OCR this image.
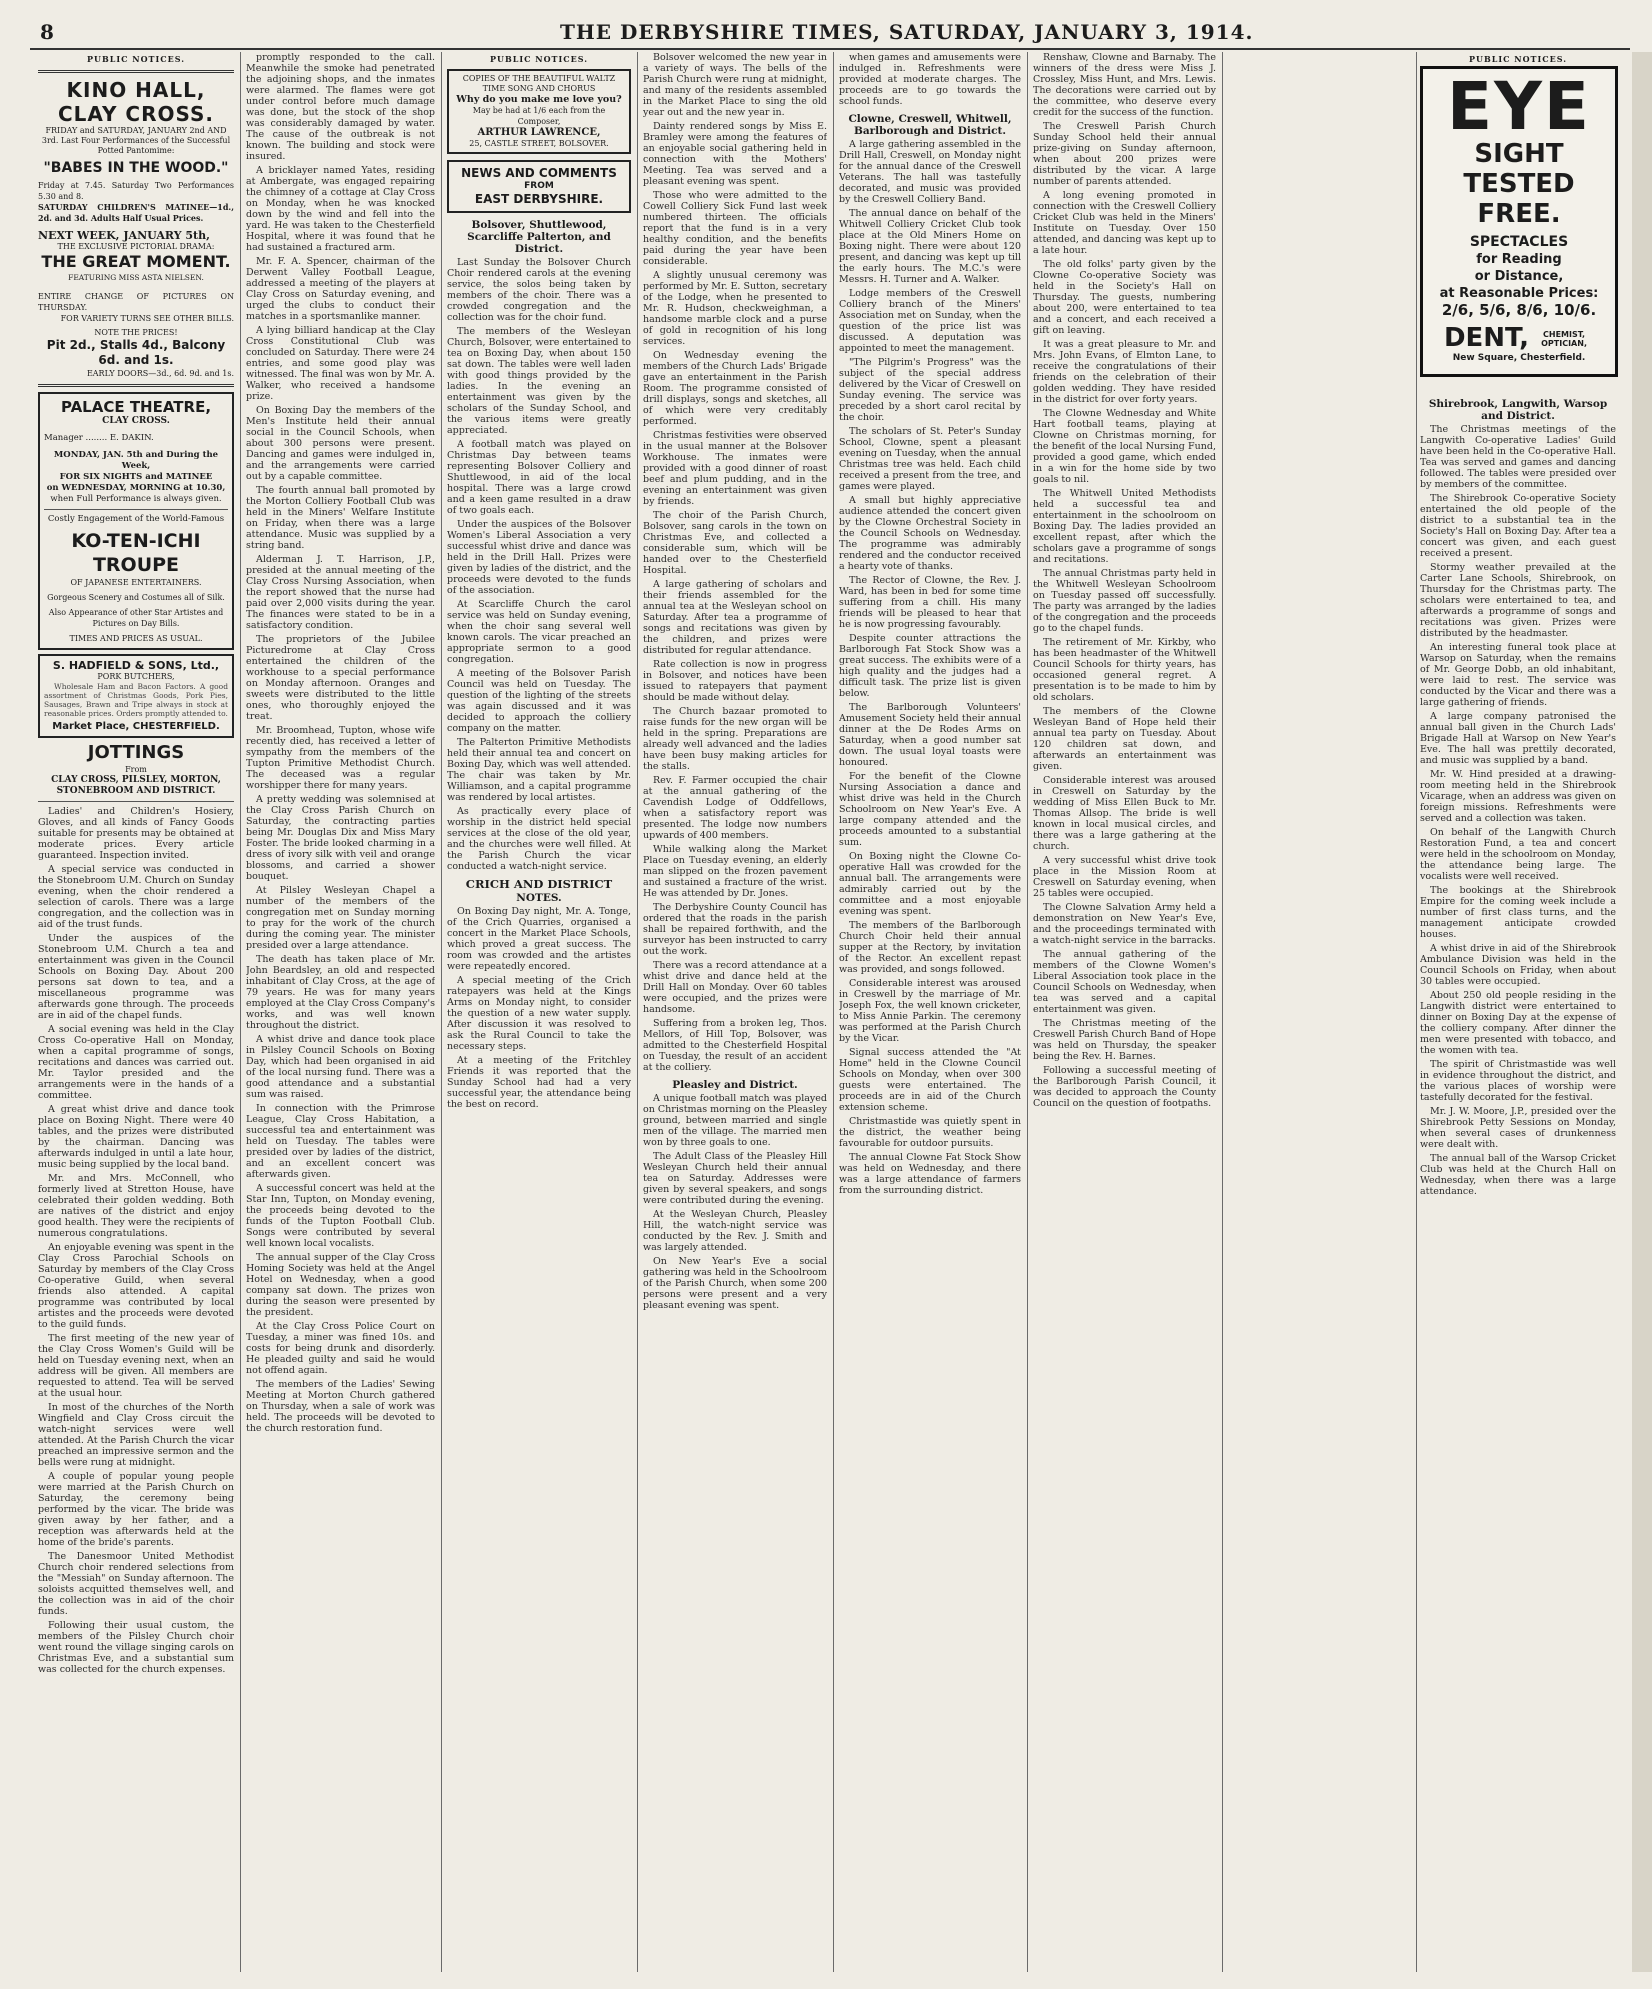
8	THE DERBYSHIRE TIMES, SATURDAY, JANUARY 3, 1914.
PUBLIC NOTICES.
KINO HALL, CLAY CROSS.
FRIDAY and SATURDAY, JANUARY 2nd AND 3rd. Last Four Performances of the Successful Potted Pantomime:
"BABES IN THE WOOD."
Friday at 7.45. Saturday Two Performances 5.30 and 8.
SATURDAY CHILDREN'S MATINEE—1d., 2d. and 3d. Adults Half Usual Prices.
NEXT WEEK, JANUARY 5th,
THE EXCLUSIVE PICTORIAL DRAMA:
THE GREAT MOMENT.
FEATURING MISS ASTA NIELSEN.
ENTIRE CHANGE OF PICTURES ON THURSDAY.
FOR VARIETY TURNS SEE OTHER BILLS.
NOTE THE PRICES!
Pit 2d., Stalls 4d., Balcony 6d. and 1s.
EARLY DOORS—3d., 6d. 9d. and 1s.
PALACE THEATRE,
CLAY CROSS.
Manager ........ E. DAKIN.
MONDAY, JAN. 5th and During the Week,
FOR SIX NIGHTS and MATINEE
on WEDNESDAY, MORNING at 10.30,
when Full Performance is always given.
Costly Engagement of the World-Famous
KO-TEN-ICHI
TROUPE
OF JAPANESE ENTERTAINERS.
Gorgeous Scenery and Costumes all of Silk.
Also Appearance of other Star Artistes and Pictures on Day Bills.
TIMES AND PRICES AS USUAL.
S. HADFIELD & SONS, Ltd.,
PORK BUTCHERS,
Wholesale Ham and Bacon Factors. A good assortment of Christmas Goods, Pork Pies, Sausages, Brawn and Tripe always in stock at reasonable prices. Orders promptly attended to.
Market Place, CHESTERFIELD.
JOTTINGS
From
CLAY CROSS, PILSLEY, MORTON, STONEBROOM AND DISTRICT.

Ladies' and Children's Hosiery, Gloves, and all kinds of Fancy Goods suitable for presents may be obtained at moderate prices. Every article guaranteed. Inspection invited.

A special service was conducted in the Stonebroom U.M. Church on Sunday evening, when the choir rendered a selection of carols. There was a large congregation, and the collection was in aid of the trust funds.

Under the auspices of the Stonebroom U.M. Church a tea and entertainment was given in the Council Schools on Boxing Day. About 200 persons sat down to tea, and a miscellaneous programme was afterwards gone through. The proceeds are in aid of the chapel funds.

A social evening was held in the Clay Cross Co-operative Hall on Monday, when a capital programme of songs, recitations and dances was carried out. Mr. Taylor presided and the arrangements were in the hands of a committee.

A great whist drive and dance took place on Boxing Night. There were 40 tables, and the prizes were distributed by the chairman. Dancing was afterwards indulged in until a late hour, music being supplied by the local band.

Mr. and Mrs. McConnell, who formerly lived at Stretton House, have celebrated their golden wedding. Both are natives of the district and enjoy good health. They were the recipients of numerous congratulations.

An enjoyable evening was spent in the Clay Cross Parochial Schools on Saturday by members of the Clay Cross Co-operative Guild, when several friends also attended. A capital programme was contributed by local artistes and the proceeds were devoted to the guild funds.

The first meeting of the new year of the Clay Cross Women's Guild will be held on Tuesday evening next, when an address will be given. All members are requested to attend. Tea will be served at the usual hour.

In most of the churches of the North Wingfield and Clay Cross circuit the watch-night services were well attended. At the Parish Church the vicar preached an impressive sermon and the bells were rung at midnight.

A couple of popular young people were married at the Parish Church on Saturday, the ceremony being performed by the vicar. The bride was given away by her father, and a reception was afterwards held at the home of the bride's parents.

The Danesmoor United Methodist Church choir rendered selections from the "Messiah" on Sunday afternoon. The soloists acquitted themselves well, and the collection was in aid of the choir funds.

Following their usual custom, the members of the Pilsley Church choir went round the village singing carols on Christmas Eve, and a substantial sum was collected for the church expenses.

promptly responded to the call. Meanwhile the smoke had penetrated the adjoining shops, and the inmates were alarmed. The flames were got under control before much damage was done, but the stock of the shop was considerably damaged by water. The cause of the outbreak is not known. The building and stock were insured.

A bricklayer named Yates, residing at Ambergate, was engaged repairing the chimney of a cottage at Clay Cross on Monday, when he was knocked down by the wind and fell into the yard. He was taken to the Chesterfield Hospital, where it was found that he had sustained a fractured arm.

Mr. F. A. Spencer, chairman of the Derwent Valley Football League, addressed a meeting of the players at Clay Cross on Saturday evening, and urged the clubs to conduct their matches in a sportsmanlike manner.

A lying billiard handicap at the Clay Cross Constitutional Club was concluded on Saturday. There were 24 entries, and some good play was witnessed. The final was won by Mr. A. Walker, who received a handsome prize.

On Boxing Day the members of the Men's Institute held their annual social in the Council Schools, when about 300 persons were present. Dancing and games were indulged in, and the arrangements were carried out by a capable committee.

The fourth annual ball promoted by the Morton Colliery Football Club was held in the Miners' Welfare Institute on Friday, when there was a large attendance. Music was supplied by a string band.

Alderman J. T. Harrison, J.P., presided at the annual meeting of the Clay Cross Nursing Association, when the report showed that the nurse had paid over 2,000 visits during the year. The finances were stated to be in a satisfactory condition.

The proprietors of the Jubilee Picturedrome at Clay Cross entertained the children of the workhouse to a special performance on Monday afternoon. Oranges and sweets were distributed to the little ones, who thoroughly enjoyed the treat.

Mr. Broomhead, Tupton, whose wife recently died, has received a letter of sympathy from the members of the Tupton Primitive Methodist Church. The deceased was a regular worshipper there for many years.

A pretty wedding was solemnised at the Clay Cross Parish Church on Saturday, the contracting parties being Mr. Douglas Dix and Miss Mary Foster. The bride looked charming in a dress of ivory silk with veil and orange blossoms, and carried a shower bouquet.

At Pilsley Wesleyan Chapel a number of the members of the congregation met on Sunday morning to pray for the work of the church during the coming year. The minister presided over a large attendance.

The death has taken place of Mr. John Beardsley, an old and respected inhabitant of Clay Cross, at the age of 79 years. He was for many years employed at the Clay Cross Company's works, and was well known throughout the district.

A whist drive and dance took place in Pilsley Council Schools on Boxing Day, which had been organised in aid of the local nursing fund. There was a good attendance and a substantial sum was raised.

In connection with the Primrose League, Clay Cross Habitation, a successful tea and entertainment was held on Tuesday. The tables were presided over by ladies of the district, and an excellent concert was afterwards given.

A successful concert was held at the Star Inn, Tupton, on Monday evening, the proceeds being devoted to the funds of the Tupton Football Club. Songs were contributed by several well known local vocalists.

The annual supper of the Clay Cross Homing Society was held at the Angel Hotel on Wednesday, when a good company sat down. The prizes won during the season were presented by the president.

At the Clay Cross Police Court on Tuesday, a miner was fined 10s. and costs for being drunk and disorderly. He pleaded guilty and said he would not offend again.

The members of the Ladies' Sewing Meeting at Morton Church gathered on Thursday, when a sale of work was held. The proceeds will be devoted to the church restoration fund.

PUBLIC NOTICES.
COPIES OF THE BEAUTIFUL WALTZ TIME SONG AND CHORUS
Why do you make me love you?
May be had at 1/6 each from the Composer,
ARTHUR LAWRENCE,
25, CASTLE STREET, BOLSOVER.
NEWS AND COMMENTS
FROM
EAST DERBYSHIRE.
Bolsover, Shuttlewood, Scarcliffe Palterton, and District.

Last Sunday the Bolsover Church Choir rendered carols at the evening service, the solos being taken by members of the choir. There was a crowded congregation and the collection was for the choir fund.

The members of the Wesleyan Church, Bolsover, were entertained to tea on Boxing Day, when about 150 sat down. The tables were well laden with good things provided by the ladies. In the evening an entertainment was given by the scholars of the Sunday School, and the various items were greatly appreciated.

A football match was played on Christmas Day between teams representing Bolsover Colliery and Shuttlewood, in aid of the local hospital. There was a large crowd and a keen game resulted in a draw of two goals each.

Under the auspices of the Bolsover Women's Liberal Association a very successful whist drive and dance was held in the Drill Hall. Prizes were given by ladies of the district, and the proceeds were devoted to the funds of the association.

At Scarcliffe Church the carol service was held on Sunday evening, when the choir sang several well known carols. The vicar preached an appropriate sermon to a good congregation.

A meeting of the Bolsover Parish Council was held on Tuesday. The question of the lighting of the streets was again discussed and it was decided to approach the colliery company on the matter.

The Palterton Primitive Methodists held their annual tea and concert on Boxing Day, which was well attended. The chair was taken by Mr. Williamson, and a capital programme was rendered by local artistes.

As practically every place of worship in the district held special services at the close of the old year, and the churches were well filled. At the Parish Church the vicar conducted a watch-night service.

CRICH AND DISTRICT
NOTES.

On Boxing Day night, Mr. A. Tonge, of the Crich Quarries, organised a concert in the Market Place Schools, which proved a great success. The room was crowded and the artistes were repeatedly encored.

A special meeting of the Crich ratepayers was held at the Kings Arms on Monday night, to consider the question of a new water supply. After discussion it was resolved to ask the Rural Council to take the necessary steps.

At a meeting of the Fritchley Friends it was reported that the Sunday School had had a very successful year, the attendance being the best on record.

Bolsover welcomed the new year in a variety of ways. The bells of the Parish Church were rung at midnight, and many of the residents assembled in the Market Place to sing the old year out and the new year in.

Dainty rendered songs by Miss E. Bramley were among the features of an enjoyable social gathering held in connection with the Mothers' Meeting. Tea was served and a pleasant evening was spent.

Those who were admitted to the Cowell Colliery Sick Fund last week numbered thirteen. The officials report that the fund is in a very healthy condition, and the benefits paid during the year have been considerable.

A slightly unusual ceremony was performed by Mr. E. Sutton, secretary of the Lodge, when he presented to Mr. R. Hudson, checkweighman, a handsome marble clock and a purse of gold in recognition of his long services.

On Wednesday evening the members of the Church Lads' Brigade gave an entertainment in the Parish Room. The programme consisted of drill displays, songs and sketches, all of which were very creditably performed.

Christmas festivities were observed in the usual manner at the Bolsover Workhouse. The inmates were provided with a good dinner of roast beef and plum pudding, and in the evening an entertainment was given by friends.

The choir of the Parish Church, Bolsover, sang carols in the town on Christmas Eve, and collected a considerable sum, which will be handed over to the Chesterfield Hospital.

A large gathering of scholars and their friends assembled for the annual tea at the Wesleyan school on Saturday. After tea a programme of songs and recitations was given by the children, and prizes were distributed for regular attendance.

Rate collection is now in progress in Bolsover, and notices have been issued to ratepayers that payment should be made without delay.

The Church bazaar promoted to raise funds for the new organ will be held in the spring. Preparations are already well advanced and the ladies have been busy making articles for the stalls.

Rev. F. Farmer occupied the chair at the annual gathering of the Cavendish Lodge of Oddfellows, when a satisfactory report was presented. The lodge now numbers upwards of 400 members.

While walking along the Market Place on Tuesday evening, an elderly man slipped on the frozen pavement and sustained a fracture of the wrist. He was attended by Dr. Jones.

The Derbyshire County Council has ordered that the roads in the parish shall be repaired forthwith, and the surveyor has been instructed to carry out the work.

There was a record attendance at a whist drive and dance held at the Drill Hall on Monday. Over 60 tables were occupied, and the prizes were handsome.

Suffering from a broken leg, Thos. Mellors, of Hill Top, Bolsover, was admitted to the Chesterfield Hospital on Tuesday, the result of an accident at the colliery.

Pleasley and District.

A unique football match was played on Christmas morning on the Pleasley ground, between married and single men of the village. The married men won by three goals to one.

The Adult Class of the Pleasley Hill Wesleyan Church held their annual tea on Saturday. Addresses were given by several speakers, and songs were contributed during the evening.

At the Wesleyan Church, Pleasley Hill, the watch-night service was conducted by the Rev. J. Smith and was largely attended.

On New Year's Eve a social gathering was held in the Schoolroom of the Parish Church, when some 200 persons were present and a very pleasant evening was spent.

when games and amusements were indulged in. Refreshments were provided at moderate charges. The proceeds are to go towards the school funds.

Clowne, Creswell, Whitwell, Barlborough and District.

A large gathering assembled in the Drill Hall, Creswell, on Monday night for the annual dance of the Creswell Veterans. The hall was tastefully decorated, and music was provided by the Creswell Colliery Band.

The annual dance on behalf of the Whitwell Colliery Cricket Club took place at the Old Miners Home on Boxing night. There were about 120 present, and dancing was kept up till the early hours. The M.C.'s were Messrs. H. Turner and A. Walker.

Lodge members of the Creswell Colliery branch of the Miners' Association met on Sunday, when the question of the price list was discussed. A deputation was appointed to meet the management.

"The Pilgrim's Progress" was the subject of the special address delivered by the Vicar of Creswell on Sunday evening. The service was preceded by a short carol recital by the choir.

The scholars of St. Peter's Sunday School, Clowne, spent a pleasant evening on Tuesday, when the annual Christmas tree was held. Each child received a present from the tree, and games were played.

A small but highly appreciative audience attended the concert given by the Clowne Orchestral Society in the Council Schools on Wednesday. The programme was admirably rendered and the conductor received a hearty vote of thanks.

The Rector of Clowne, the Rev. J. Ward, has been in bed for some time suffering from a chill. His many friends will be pleased to hear that he is now progressing favourably.

Despite counter attractions the Barlborough Fat Stock Show was a great success. The exhibits were of a high quality and the judges had a difficult task. The prize list is given below.

The Barlborough Volunteers' Amusement Society held their annual dinner at the De Rodes Arms on Saturday, when a good number sat down. The usual loyal toasts were honoured.

For the benefit of the Clowne Nursing Association a dance and whist drive was held in the Church Schoolroom on New Year's Eve. A large company attended and the proceeds amounted to a substantial sum.

On Boxing night the Clowne Co-operative Hall was crowded for the annual ball. The arrangements were admirably carried out by the committee and a most enjoyable evening was spent.

The members of the Barlborough Church Choir held their annual supper at the Rectory, by invitation of the Rector. An excellent repast was provided, and songs followed.

Considerable interest was aroused in Creswell by the marriage of Mr. Joseph Fox, the well known cricketer, to Miss Annie Parkin. The ceremony was performed at the Parish Church by the Vicar.

Signal success attended the "At Home" held in the Clowne Council Schools on Monday, when over 300 guests were entertained. The proceeds are in aid of the Church extension scheme.

Christmastide was quietly spent in the district, the weather being favourable for outdoor pursuits.

The annual Clowne Fat Stock Show was held on Wednesday, and there was a large attendance of farmers from the surrounding district.

Renshaw, Clowne and Barnaby. The winners of the dress were Miss J. Crossley, Miss Hunt, and Mrs. Lewis. The decorations were carried out by the committee, who deserve every credit for the success of the function.

The Creswell Parish Church Sunday School held their annual prize-giving on Sunday afternoon, when about 200 prizes were distributed by the vicar. A large number of parents attended.

A long evening promoted in connection with the Creswell Colliery Cricket Club was held in the Miners' Institute on Tuesday. Over 150 attended, and dancing was kept up to a late hour.

The old folks' party given by the Clowne Co-operative Society was held in the Society's Hall on Thursday. The guests, numbering about 200, were entertained to tea and a concert, and each received a gift on leaving.

It was a great pleasure to Mr. and Mrs. John Evans, of Elmton Lane, to receive the congratulations of their friends on the celebration of their golden wedding. They have resided in the district for over forty years.

The Clowne Wednesday and White Hart football teams, playing at Clowne on Christmas morning, for the benefit of the local Nursing Fund, provided a good game, which ended in a win for the home side by two goals to nil.

The Whitwell United Methodists held a successful tea and entertainment in the schoolroom on Boxing Day. The ladies provided an excellent repast, after which the scholars gave a programme of songs and recitations.

The annual Christmas party held in the Whitwell Wesleyan Schoolroom on Tuesday passed off successfully. The party was arranged by the ladies of the congregation and the proceeds go to the chapel funds.

The retirement of Mr. Kirkby, who has been headmaster of the Whitwell Council Schools for thirty years, has occasioned general regret. A presentation is to be made to him by old scholars.

The members of the Clowne Wesleyan Band of Hope held their annual tea party on Tuesday. About 120 children sat down, and afterwards an entertainment was given.

Considerable interest was aroused in Creswell on Saturday by the wedding of Miss Ellen Buck to Mr. Thomas Allsop. The bride is well known in local musical circles, and there was a large gathering at the church.

A very successful whist drive took place in the Mission Room at Creswell on Saturday evening, when 25 tables were occupied.

The Clowne Salvation Army held a demonstration on New Year's Eve, and the proceedings terminated with a watch-night service in the barracks.

The annual gathering of the members of the Clowne Women's Liberal Association took place in the Council Schools on Wednesday, when tea was served and a capital entertainment was given.

The Christmas meeting of the Creswell Parish Church Band of Hope was held on Thursday, the speaker being the Rev. H. Barnes.

Following a successful meeting of the Barlborough Parish Council, it was decided to approach the County Council on the question of footpaths.

PUBLIC NOTICES.
EYE
SIGHT
TESTED
FREE.
SPECTACLES
for Reading
or Distance,
at Reasonable Prices:
2/6, 5/6, 8/6, 10/6.
DENT, CHEMIST, OPTICIAN,
New Square, Chesterfield.
Shirebrook, Langwith, Warsop and District.

The Christmas meetings of the Langwith Co-operative Ladies' Guild have been held in the Co-operative Hall. Tea was served and games and dancing followed. The tables were presided over by members of the committee.

The Shirebrook Co-operative Society entertained the old people of the district to a substantial tea in the Society's Hall on Boxing Day. After tea a concert was given, and each guest received a present.

Stormy weather prevailed at the Carter Lane Schools, Shirebrook, on Thursday for the Christmas party. The scholars were entertained to tea, and afterwards a programme of songs and recitations was given. Prizes were distributed by the headmaster.

An interesting funeral took place at Warsop on Saturday, when the remains of Mr. George Dobb, an old inhabitant, were laid to rest. The service was conducted by the Vicar and there was a large gathering of friends.

A large company patronised the annual ball given in the Church Lads' Brigade Hall at Warsop on New Year's Eve. The hall was prettily decorated, and music was supplied by a band.

Mr. W. Hind presided at a drawing-room meeting held in the Shirebrook Vicarage, when an address was given on foreign missions. Refreshments were served and a collection was taken.

On behalf of the Langwith Church Restoration Fund, a tea and concert were held in the schoolroom on Monday, the attendance being large. The vocalists were well received.

The bookings at the Shirebrook Empire for the coming week include a number of first class turns, and the management anticipate crowded houses.

A whist drive in aid of the Shirebrook Ambulance Division was held in the Council Schools on Friday, when about 30 tables were occupied.

About 250 old people residing in the Langwith district were entertained to dinner on Boxing Day at the expense of the colliery company. After dinner the men were presented with tobacco, and the women with tea.

The spirit of Christmastide was well in evidence throughout the district, and the various places of worship were tastefully decorated for the festival.

Mr. J. W. Moore, J.P., presided over the Shirebrook Petty Sessions on Monday, when several cases of drunkenness were dealt with.

The annual ball of the Warsop Cricket Club was held at the Church Hall on Wednesday, when there was a large attendance.
